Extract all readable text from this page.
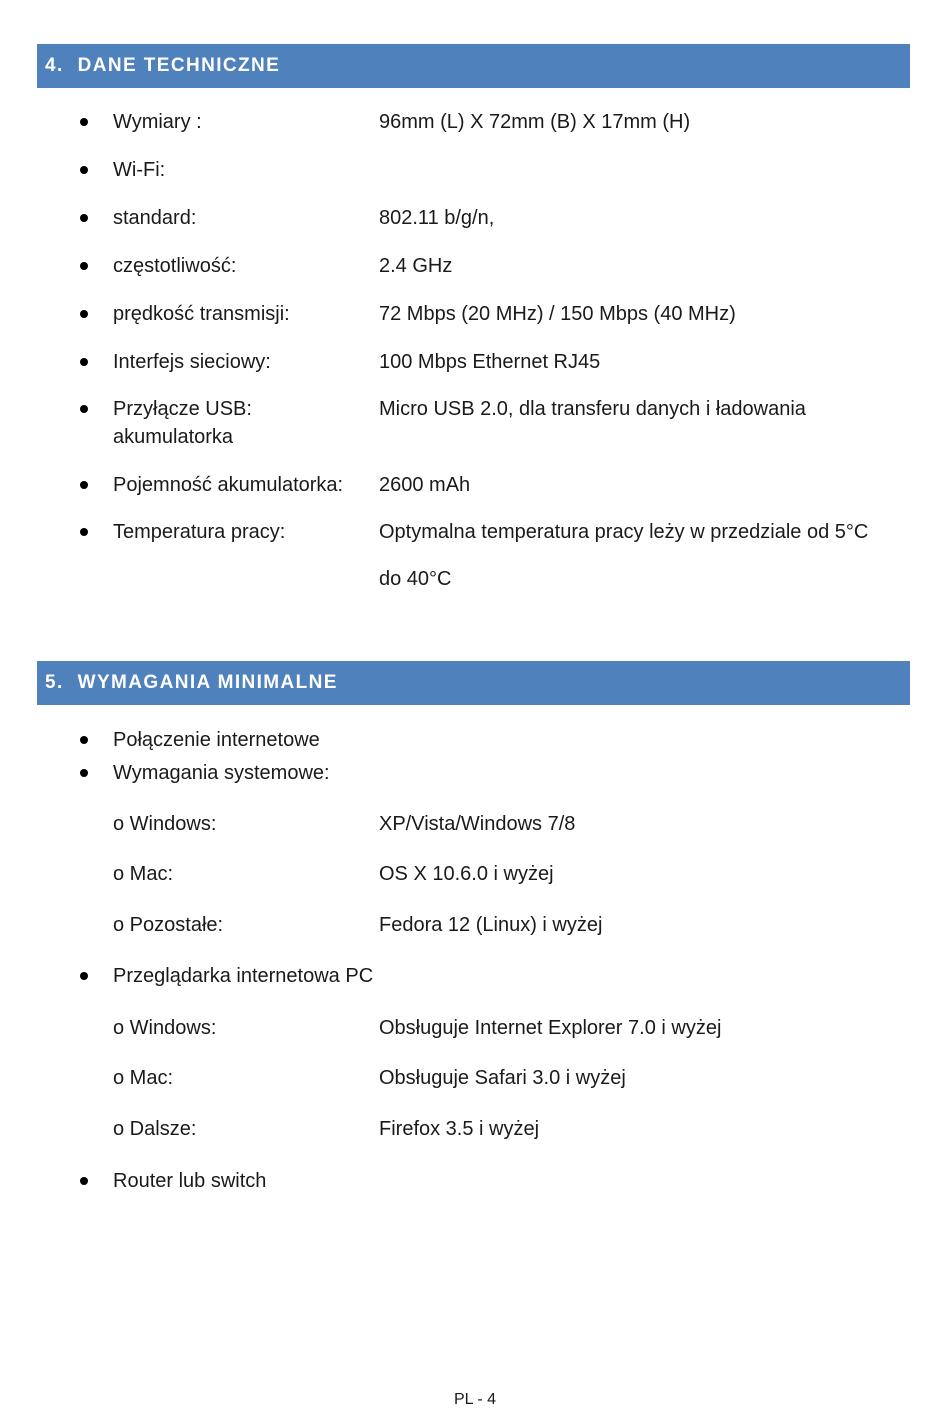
4. DANE TECHNICZNE
Wymiary :	96mm (L) X 72mm (B) X 17mm (H)
Wi-Fi:
standard:	802.11 b/g/n,
częstotliwość:	2.4 GHz
prędkość transmisji:	72 Mbps (20 MHz) / 150 Mbps (40 MHz)
Interfejs sieciowy:	100 Mbps Ethernet RJ45
Przyłącze USB:	Micro USB 2.0, dla transferu danych i ładowania
akumulatorka
Pojemność akumulatorka: 2600 mAh
Temperatura pracy:	Optymalna temperatura pracy leży w przedziale od 5°C
do 40°C
5. WYMAGANIA MINIMALNE
Połączenie internetowe
Wymagania systemowe:
o Windows:	XP/Vista/Windows 7/8
o Mac:	OS X 10.6.0 i wyżej
o Pozostałe:	Fedora 12 (Linux) i wyżej
Przeglądarka internetowa PC
o Windows:	Obsługuje Internet Explorer 7.0 i wyżej
o Mac:	Obsługuje Safari 3.0 i wyżej
o Dalsze:	Firefox 3.5 i wyżej
Router lub switch
PL - 4
